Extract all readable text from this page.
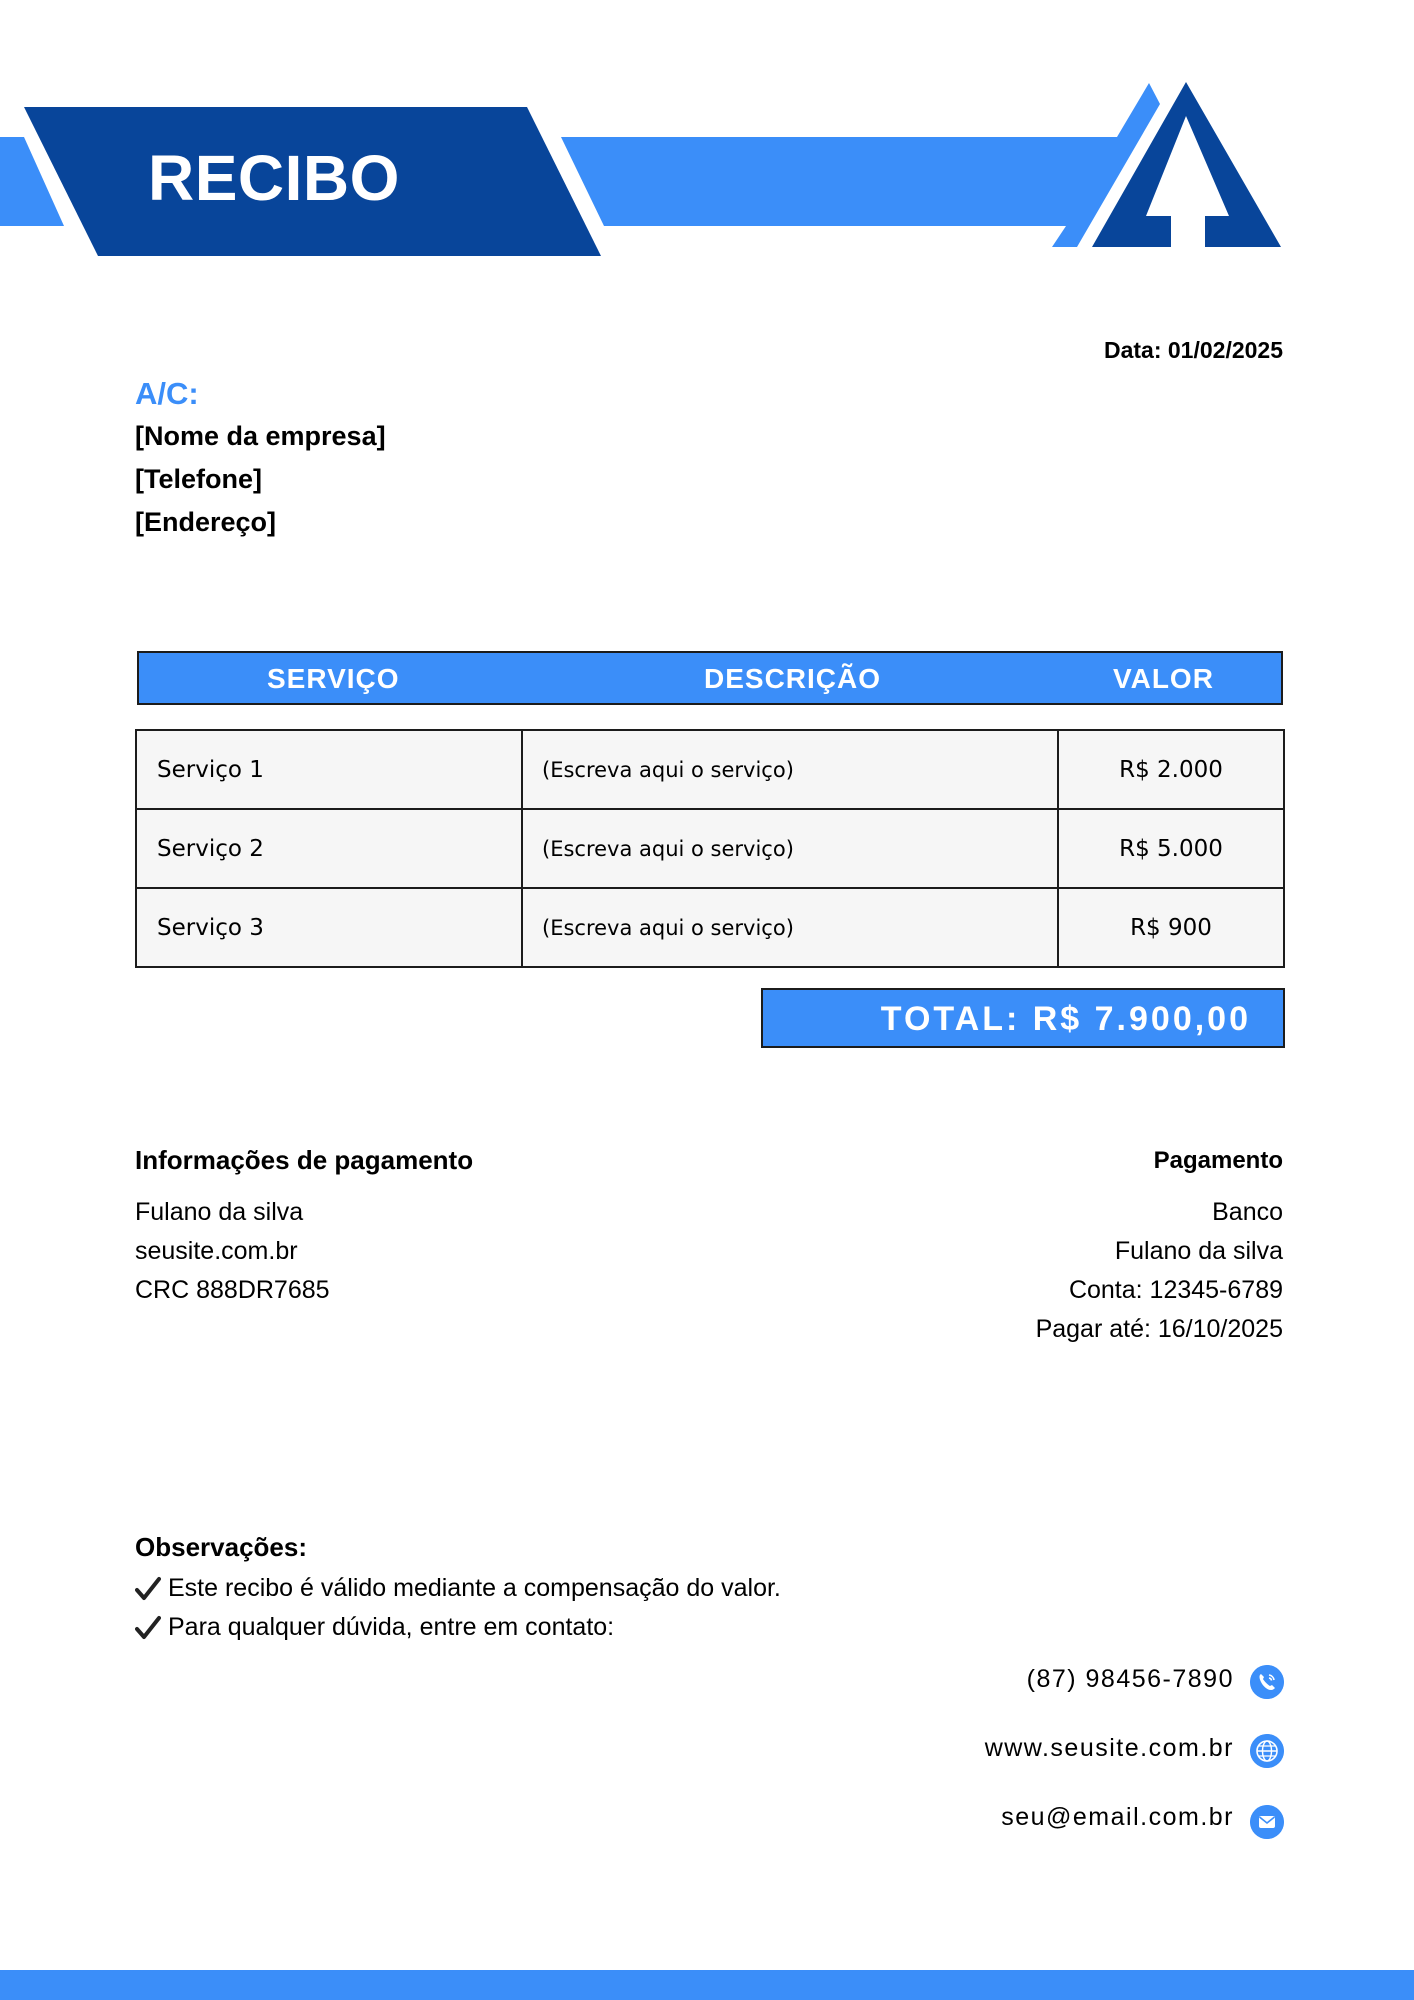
RECIBO
Data: 01/02/2025
A/C:
[Nome da empresa]
[Telefone]
[Endereço]
SERVIÇO	DESCRIÇÃO	VALOR
Serviço 1	(Escreva aqui o serviço)	R$ 2.000
Serviço 2	(Escreva aqui o serviço)	R$ 5.000
Serviço 3	(Escreva aqui o serviço)	R$ 900
TOTAL: R$ 7.900,00
Informações de pagamento
Fulano da silva
seusite.com.br
CRC 888DR7685
Pagamento
Banco
Fulano da silva
Conta: 12345-6789
Pagar até: 16/10/2025
Observações:
Este recibo é válido mediante a compensação do valor.
Para qualquer dúvida, entre em contato:
(87) 98456-7890
www.seusite.com.br
seu@email.com.br
